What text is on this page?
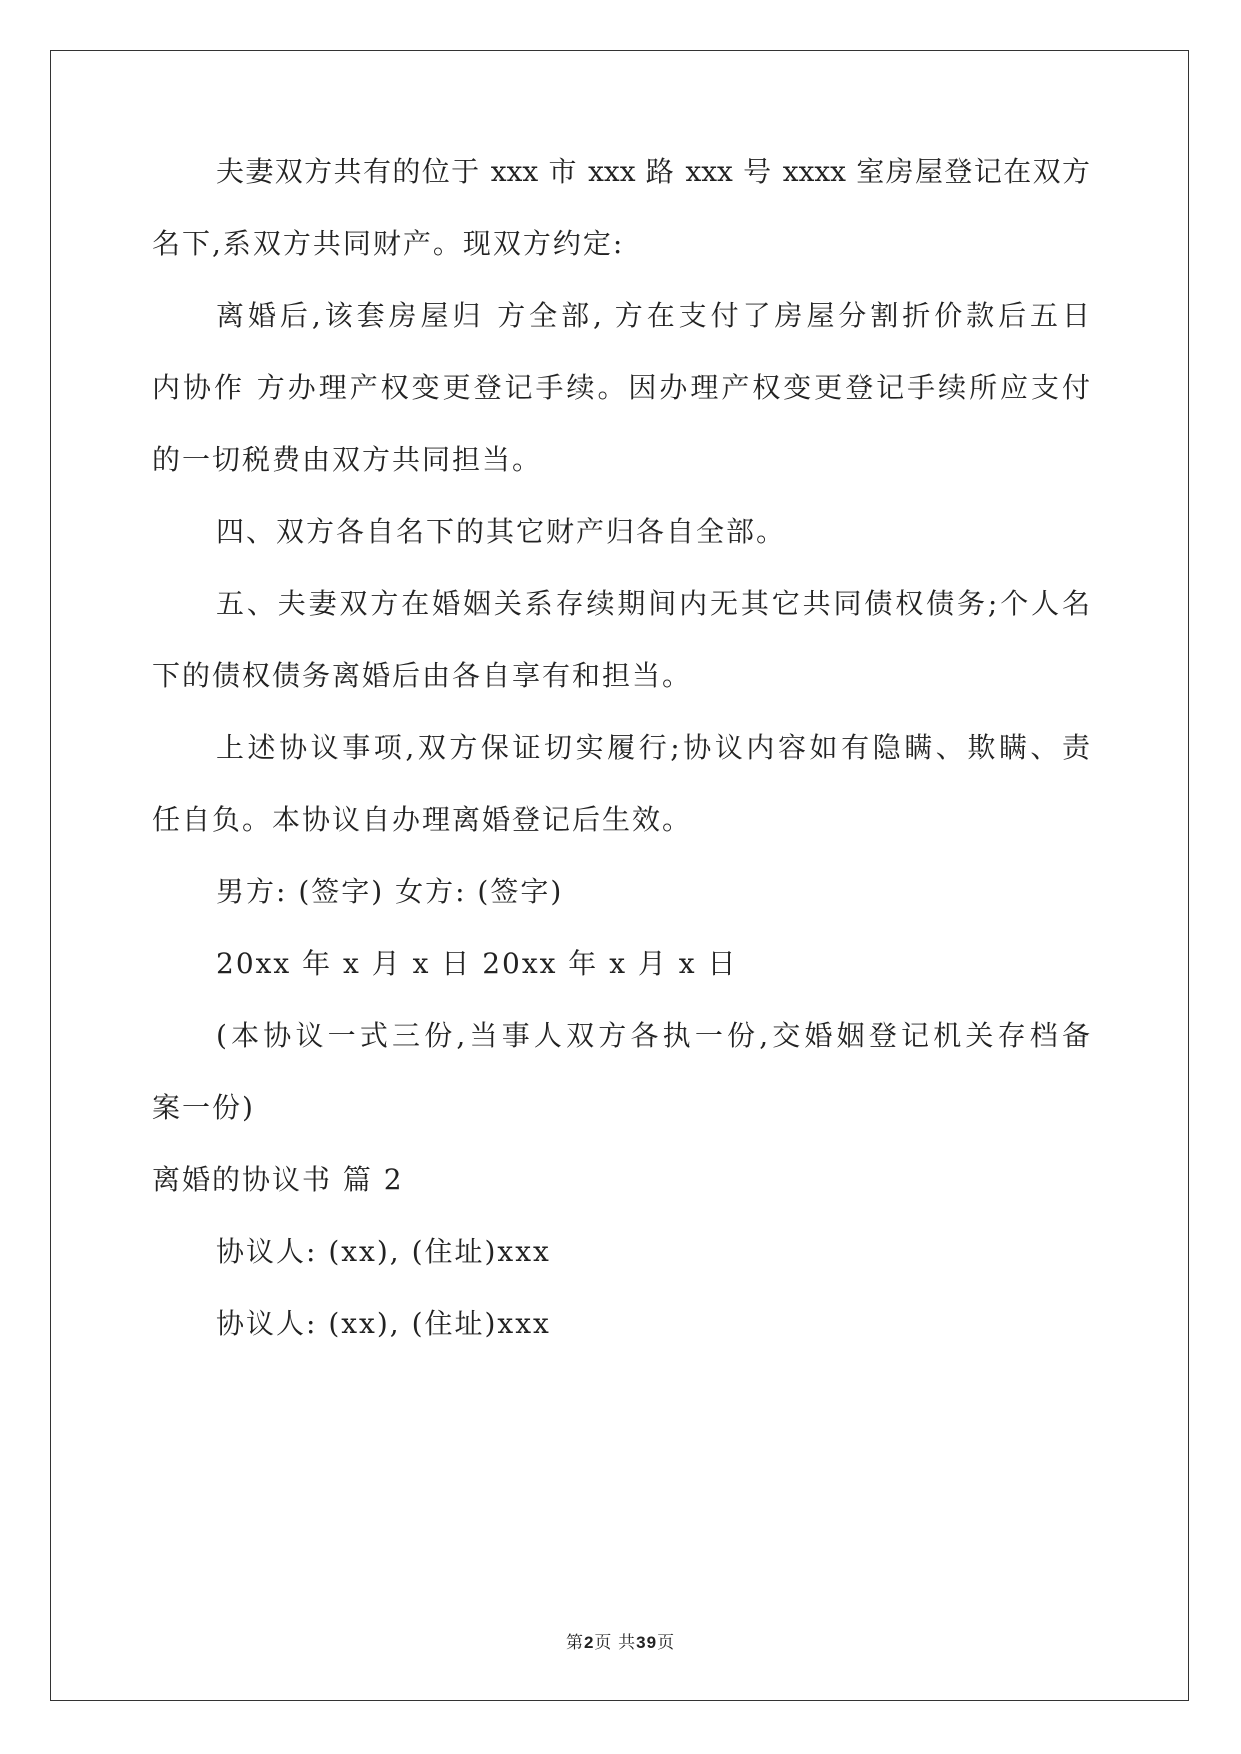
夫妻双方共有的位于 xxx 市 xxx 路 xxx 号 xxxx 室房屋登记在双方
名下,系双方共同财产。现双方约定:
离婚后,该套房屋归 方全部, 方在支付了房屋分割折价款后五日
内协作 方办理产权变更登记手续。因办理产权变更登记手续所应支付
的一切税费由双方共同担当。
四、双方各自名下的其它财产归各自全部。
五、夫妻双方在婚姻关系存续期间内无其它共同债权债务;个人名
下的债权债务离婚后由各自享有和担当。
上述协议事项,双方保证切实履行;协议内容如有隐瞒、欺瞒、责
任自负。本协议自办理离婚登记后生效。
男方: (签字) 女方: (签字)
20xx 年 x 月 x 日 20xx 年 x 月 x 日
(本协议一式三份,当事人双方各执一份,交婚姻登记机关存档备
案一份)
离婚的协议书 篇 2
协议人: (xx), (住址)xxx
协议人: (xx), (住址)xxx
第2页 共39页
